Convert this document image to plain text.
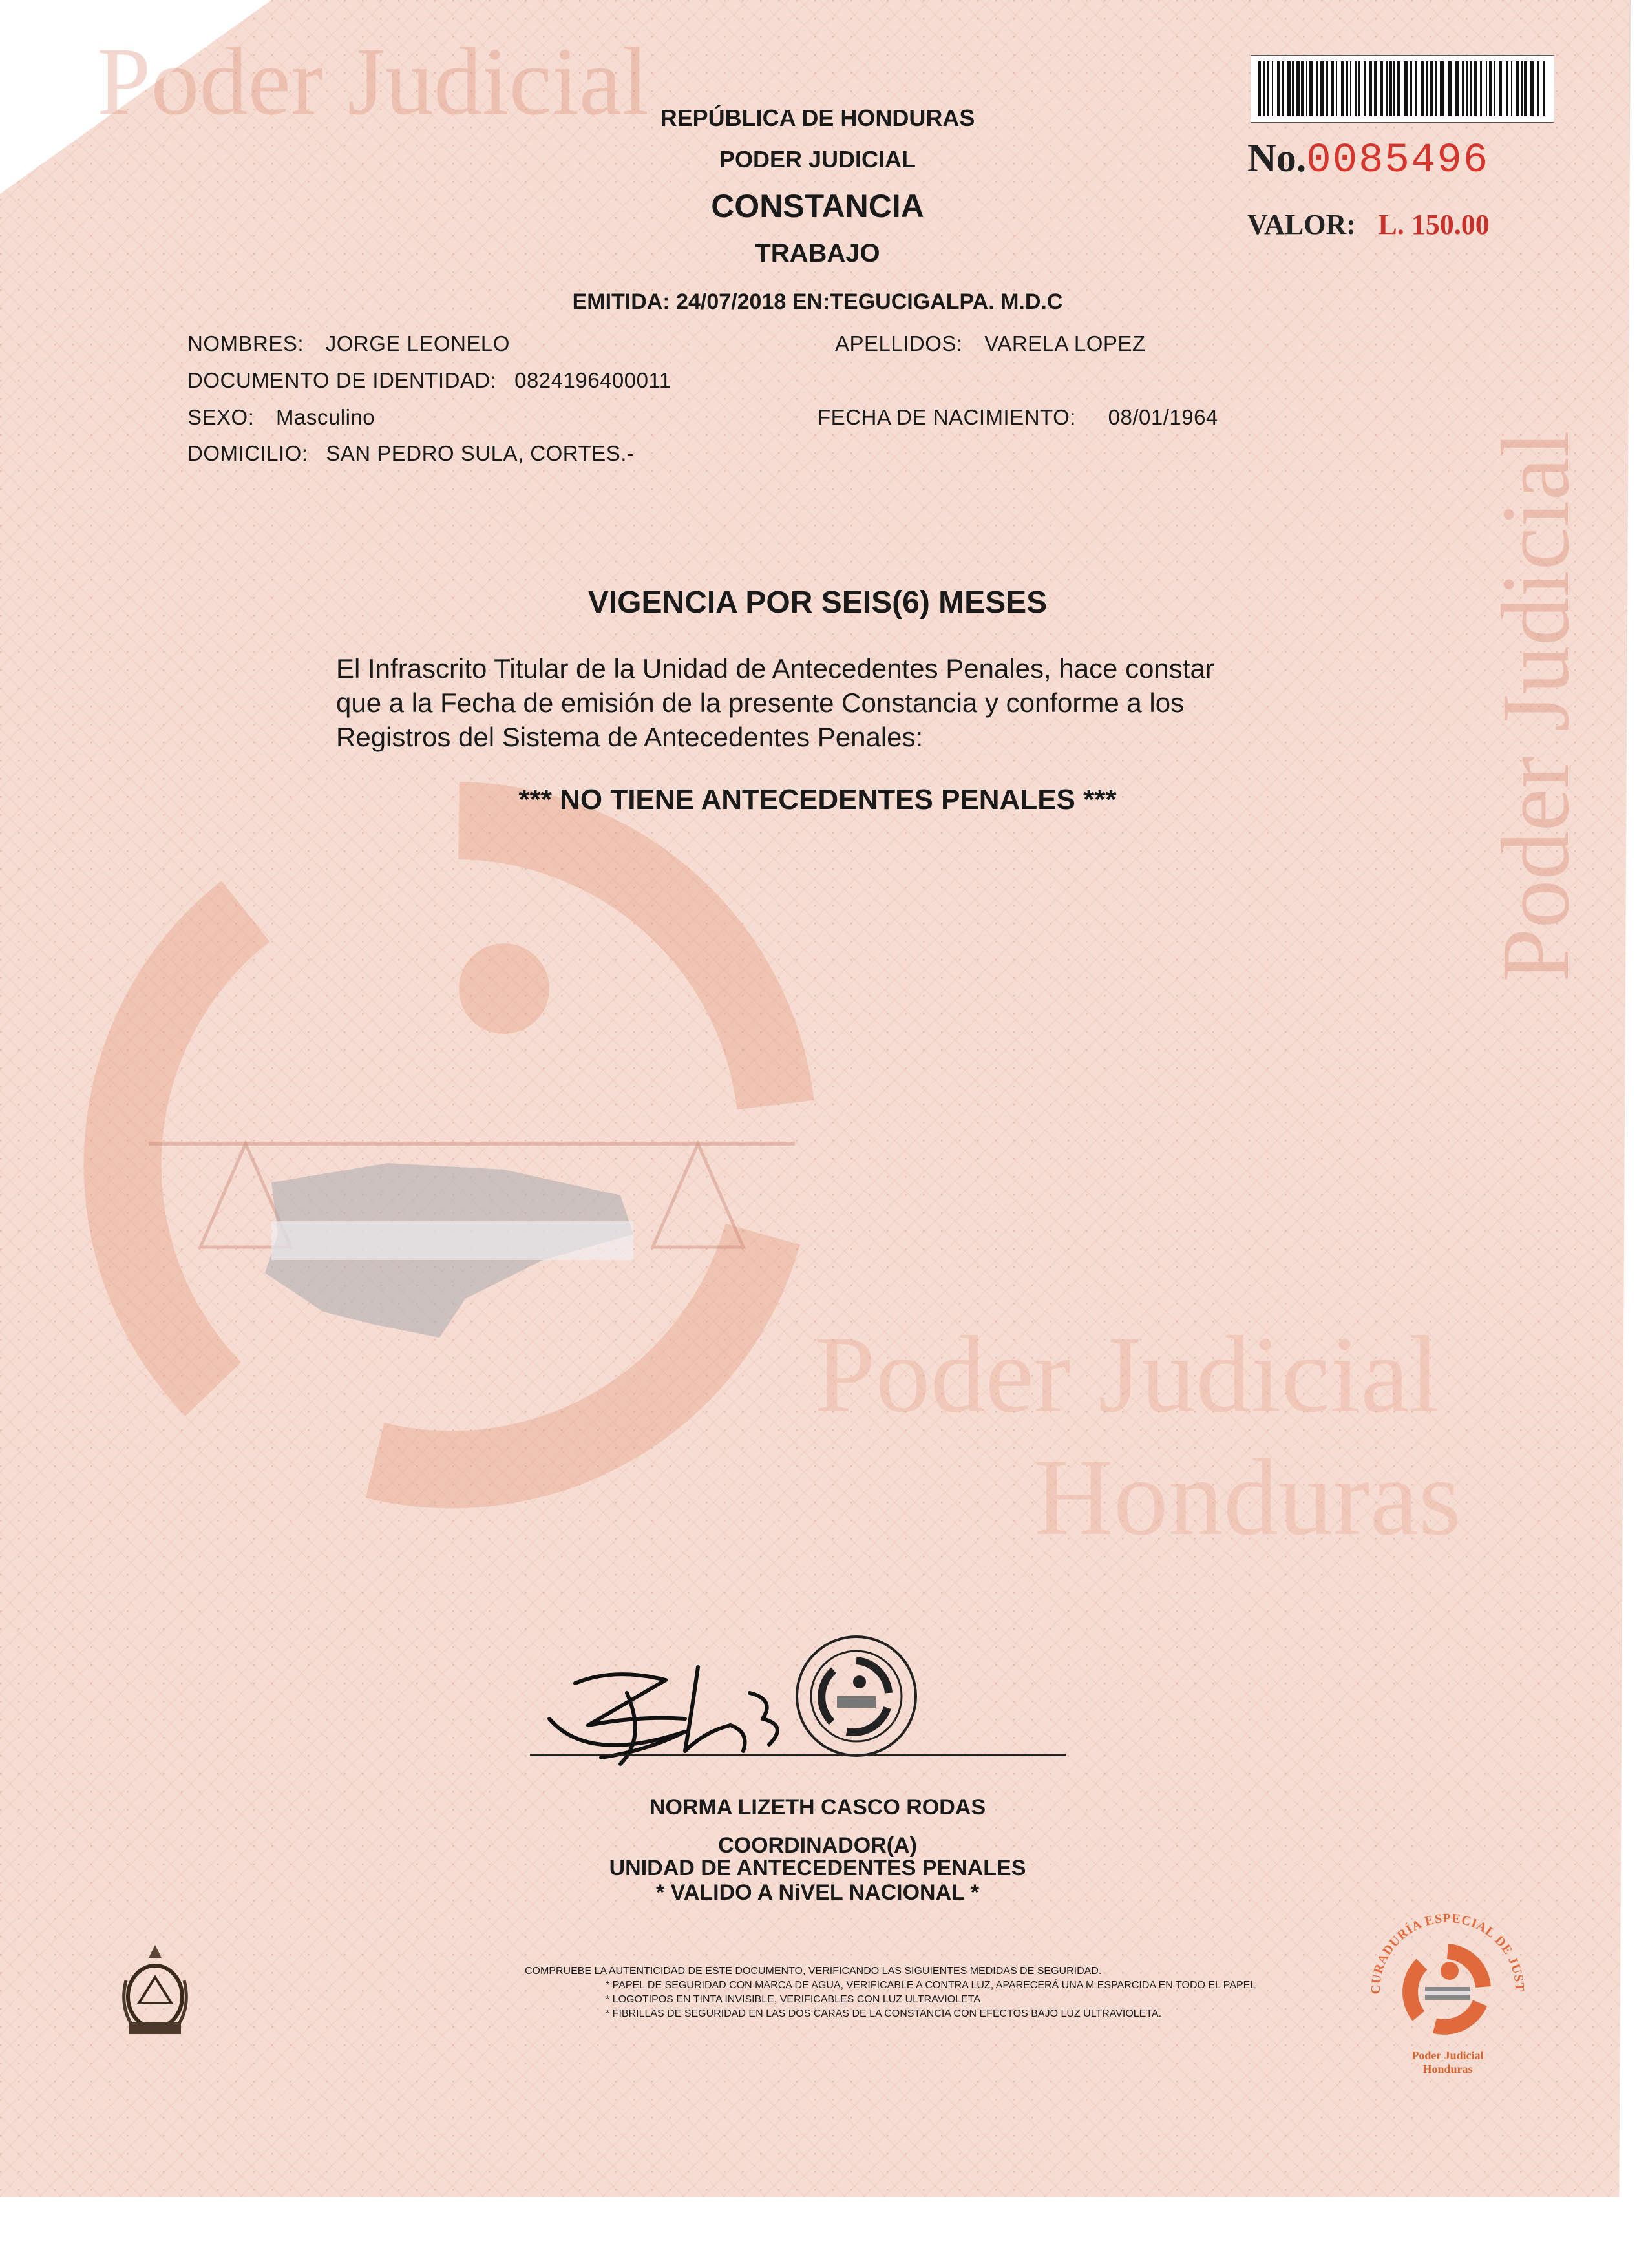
Poder Judicial
Poder Judicial
Poder Judicial
Honduras
REPÚBLICA DE HONDURAS
PODER JUDICIAL
CONSTANCIA
TRABAJO
EMITIDA: 24/07/2018 EN:TEGUCIGALPA. M.D.C
No.0085496
VALOR: L. 150.00
NOMBRES: JORGE LEONELO	APELLIDOS: VARELA LOPEZ
DOCUMENTO DE IDENTIDAD: 0824196400011
SEXO: Masculino	FECHA DE NACIMIENTO: 08/01/1964
DOMICILIO: SAN PEDRO SULA, CORTES.-
VIGENCIA POR SEIS(6) MESES
El Infrascrito Titular de la Unidad de Antecedentes Penales, hace constar
que a la Fecha de emisión de la presente Constancia y conforme a los
Registros del Sistema de Antecedentes Penales:
*** NO TIENE ANTECEDENTES PENALES ***
NORMA LIZETH CASCO RODAS
COORDINADOR(A)
UNIDAD DE ANTECEDENTES PENALES
* VALIDO A NiVEL NACIONAL *
COMPRUEBE LA AUTENTICIDAD DE ESTE DOCUMENTO, VERIFICANDO LAS SIGUIENTES MEDIDAS DE SEGURIDAD.
* PAPEL DE SEGURIDAD CON MARCA DE AGUA, VERIFICABLE A CONTRA LUZ, APARECERÁ UNA M ESPARCIDA EN TODO EL PAPEL
* LOGOTIPOS EN TINTA INVISIBLE, VERIFICABLES CON LUZ ULTRAVIOLETA
* FIBRILLAS DE SEGURIDAD EN LAS DOS CARAS DE LA CONSTANCIA CON EFECTOS BAJO LUZ ULTRAVIOLETA.
CURADURÍA ESPECIAL DE JUST
Poder Judicial
Honduras
